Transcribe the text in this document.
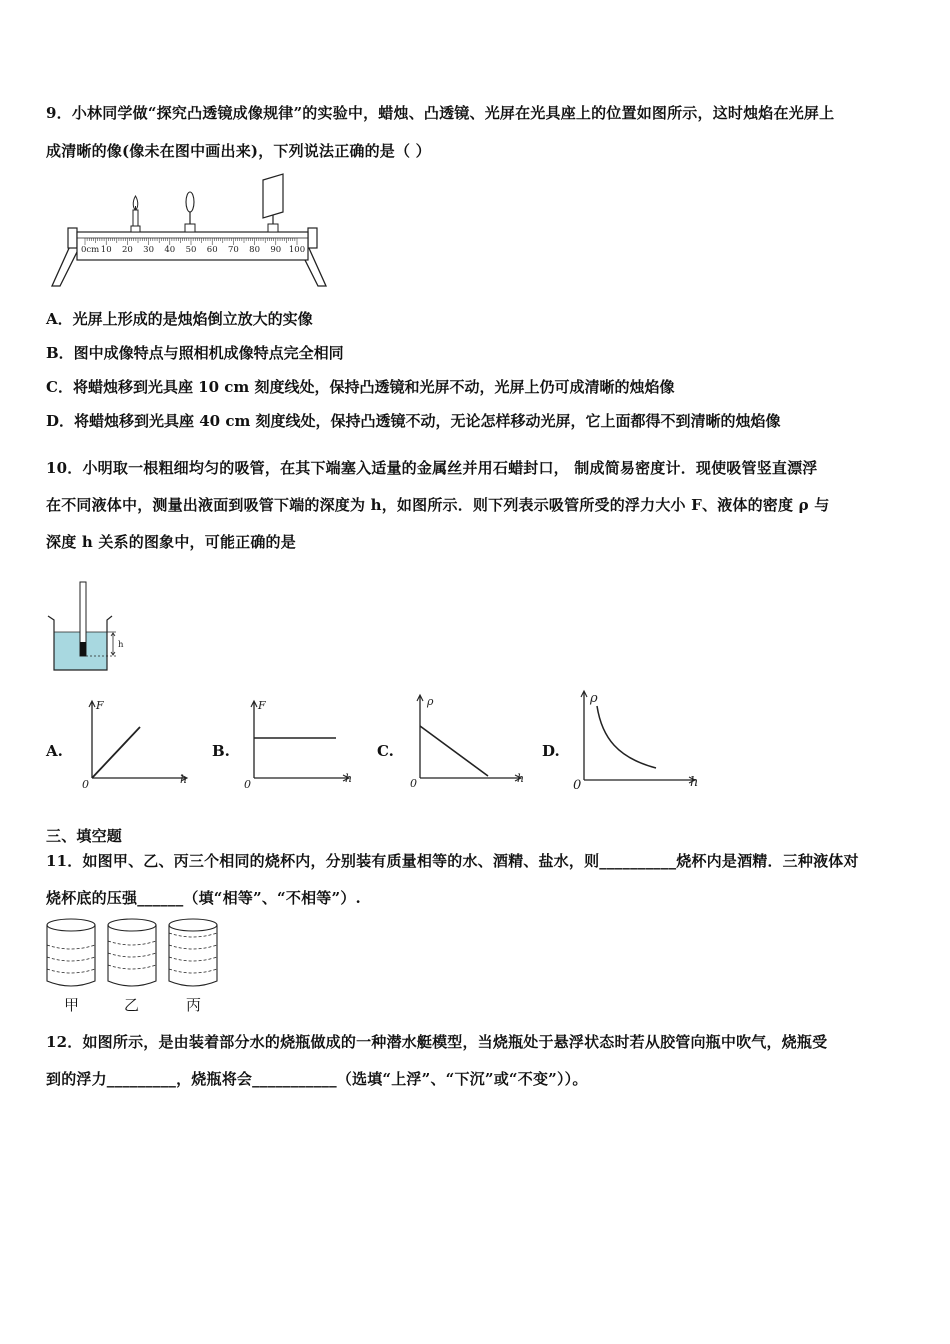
9．小林同学做“探究凸透镜成像规律”的实验中，蜡烛、凸透镜、光屏在光具座上的位置如图所示，这时烛焰在光屏上
成清晰的像(像未在图中画出来)，下列说法正确的是（ ）
0cm 10 20 30 40 50 60 70 80 90 100
A．光屏上形成的是烛焰倒立放大的实像
B．图中成像特点与照相机成像特点完全相同
C．将蜡烛移到光具座 10 cm 刻度线处，保持凸透镜和光屏不动，光屏上仍可成清晰的烛焰像
D．将蜡烛移到光具座 40 cm 刻度线处，保持凸透镜不动，无论怎样移动光屏，它上面都得不到清晰的烛焰像
10．小明取一根粗细均匀的吸管，在其下端塞入适量的金属丝并用石蜡封口， 制成简易密度计．现使吸管竖直漂浮
在不同液体中，测量出液面到吸管下端的深度为 h，如图所示．则下列表示吸管所受的浮力大小 F、液体的密度 ρ 与
深度 h 关系的图象中，可能正确的是
h
A.
F
h
0
B.
F
h
0
C.
ρ
h
0
D.
ρ
h
0
三、填空题
11．如图甲、乙、丙三个相同的烧杯内，分别装有质量相等的水、酒精、盐水，则__________烧杯内是酒精．三种液体对
烧杯底的压强______（填“相等”、“不相等”）.
甲	乙	丙
12．如图所示，是由装着部分水的烧瓶做成的一种潜水艇模型，当烧瓶处于悬浮状态时若从胶管向瓶中吹气，烧瓶受
到的浮力_________，烧瓶将会___________（选填“上浮”、“下沉”或“不变”））。
